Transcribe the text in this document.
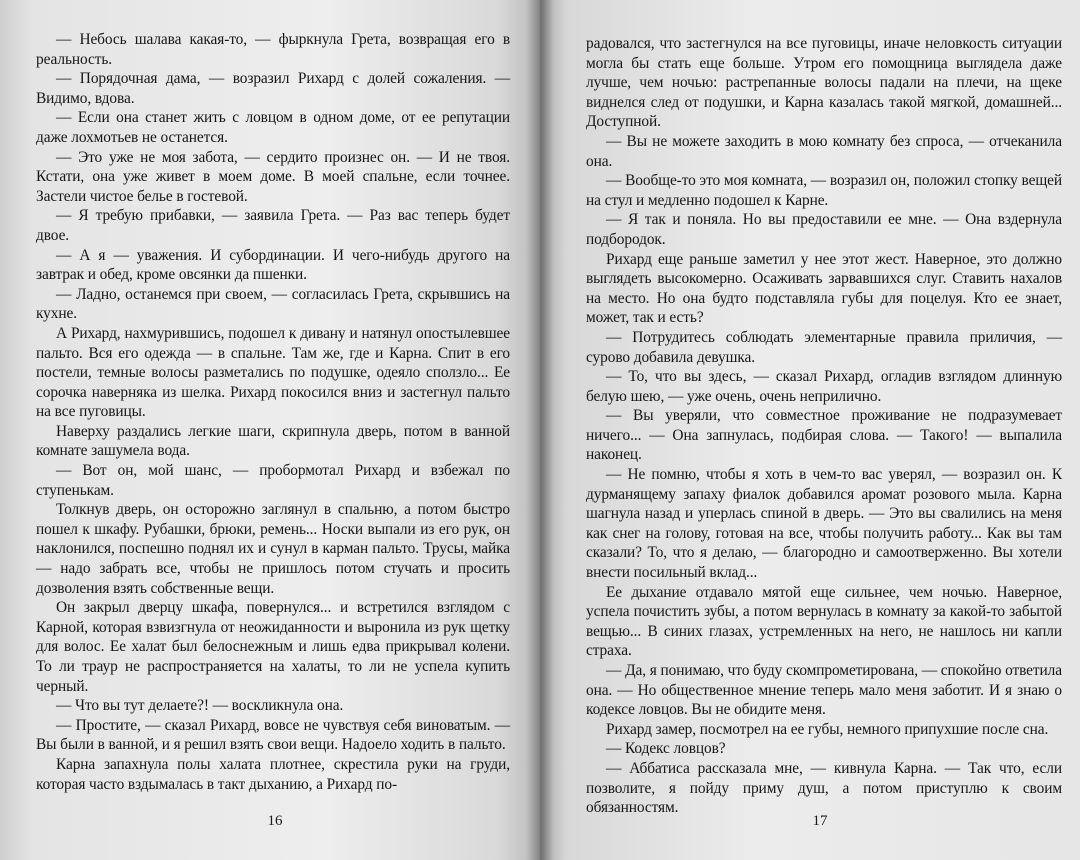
— Небось шалава какая-то, — фыркнула Грета, возвращая его в реальность.

— Порядочная дама, — возразил Рихард с долей сожаления. — Видимо, вдова.

— Если она станет жить с ловцом в одном доме, от ее репутации даже лохмотьев не останется.

— Это уже не моя забота, — сердито произнес он. — И не твоя. Кстати, она уже живет в моем доме. В моей спальне, если точнее. Застели чистое белье в гостевой.

— Я требую прибавки, — заявила Грета. — Раз вас теперь будет двое.

— А я — уважения. И субординации. И чего-нибудь другого на завтрак и обед, кроме овсянки да пшенки.

— Ладно, останемся при своем, — согласилась Грета, скрывшись на кухне.

А Рихард, нахмурившись, подошел к дивану и натянул опостылевшее пальто. Вся его одежда — в спальне. Там же, где и Карна. Спит в его постели, темные волосы разметались по подушке, одеяло сползло... Ее сорочка наверняка из шелка. Рихард покосился вниз и застегнул пальто на все пуговицы.

Наверху раздались легкие шаги, скрипнула дверь, потом в ванной комнате зашумела вода.

— Вот он, мой шанс, — пробормотал Рихард и взбежал по ступенькам.

Толкнув дверь, он осторожно заглянул в спальню, а потом быстро пошел к шкафу. Рубашки, брюки, ремень... Носки выпали из его рук, он наклонился, поспешно поднял их и сунул в карман пальто. Трусы, майка — надо забрать все, чтобы не пришлось потом стучать и просить дозволения взять собственные вещи.

Он закрыл дверцу шкафа, повернулся... и встретился взглядом с Карной, которая взвизгнула от неожиданности и выронила из рук щетку для волос. Ее халат был белоснежным и лишь едва прикрывал колени. То ли траур не распространяется на халаты, то ли не успела купить черный.

— Что вы тут делаете?! — воскликнула она.

— Простите, — сказал Рихард, вовсе не чувствуя себя виноватым. — Вы были в ванной, и я решил взять свои вещи. Надоело ходить в пальто.

Карна запахнула полы халата плотнее, скрестила руки на груди, которая часто вздымалась в такт дыханию, а Рихард по-

16

радовался, что застегнулся на все пуговицы, иначе неловкость ситуации могла бы стать еще больше. Утром его помощница выглядела даже лучше, чем ночью: растрепанные волосы падали на плечи, на щеке виднелся след от подушки, и Карна казалась такой мягкой, домашней... Доступной.

— Вы не можете заходить в мою комнату без спроса, — отчеканила она.

— Вообще-то это моя комната, — возразил он, положил стопку вещей на стул и медленно подошел к Карне.

— Я так и поняла. Но вы предоставили ее мне. — Она вздернула подбородок.

Рихард еще раньше заметил у нее этот жест. Наверное, это должно выглядеть высокомерно. Осаживать зарвавшихся слуг. Ставить нахалов на место. Но она будто подставляла губы для поцелуя. Кто ее знает, может, так и есть?

— Потрудитесь соблюдать элементарные правила приличия, — сурово добавила девушка.

— То, что вы здесь, — сказал Рихард, огладив взглядом длинную белую шею, — уже очень, очень неприлично.

— Вы уверяли, что совместное проживание не подразумевает ничего... — Она запнулась, подбирая слова. — Такого! — выпалила наконец.

— Не помню, чтобы я хоть в чем-то вас уверял, — возразил он. К дурманящему запаху фиалок добавился аромат розового мыла. Карна шагнула назад и уперлась спиной в дверь. — Это вы свалились на меня как снег на голову, готовая на все, чтобы получить работу... Как вы там сказали? То, что я делаю, — благородно и самоотверженно. Вы хотели внести посильный вклад...

Ее дыхание отдавало мятой еще сильнее, чем ночью. Наверное, успела почистить зубы, а потом вернулась в комнату за какой-то забытой вещью... В синих глазах, устремленных на него, не нашлось ни капли страха.

— Да, я понимаю, что буду скомпрометирована, — спокойно ответила она. — Но общественное мнение теперь мало меня заботит. И я знаю о кодексе ловцов. Вы не обидите меня.

Рихард замер, посмотрел на ее губы, немного припухшие после сна.

— Кодекс ловцов?

— Аббатиса рассказала мне, — кивнула Карна. — Так что, если позволите, я пойду приму душ, а потом приступлю к своим обязанностям.

17
